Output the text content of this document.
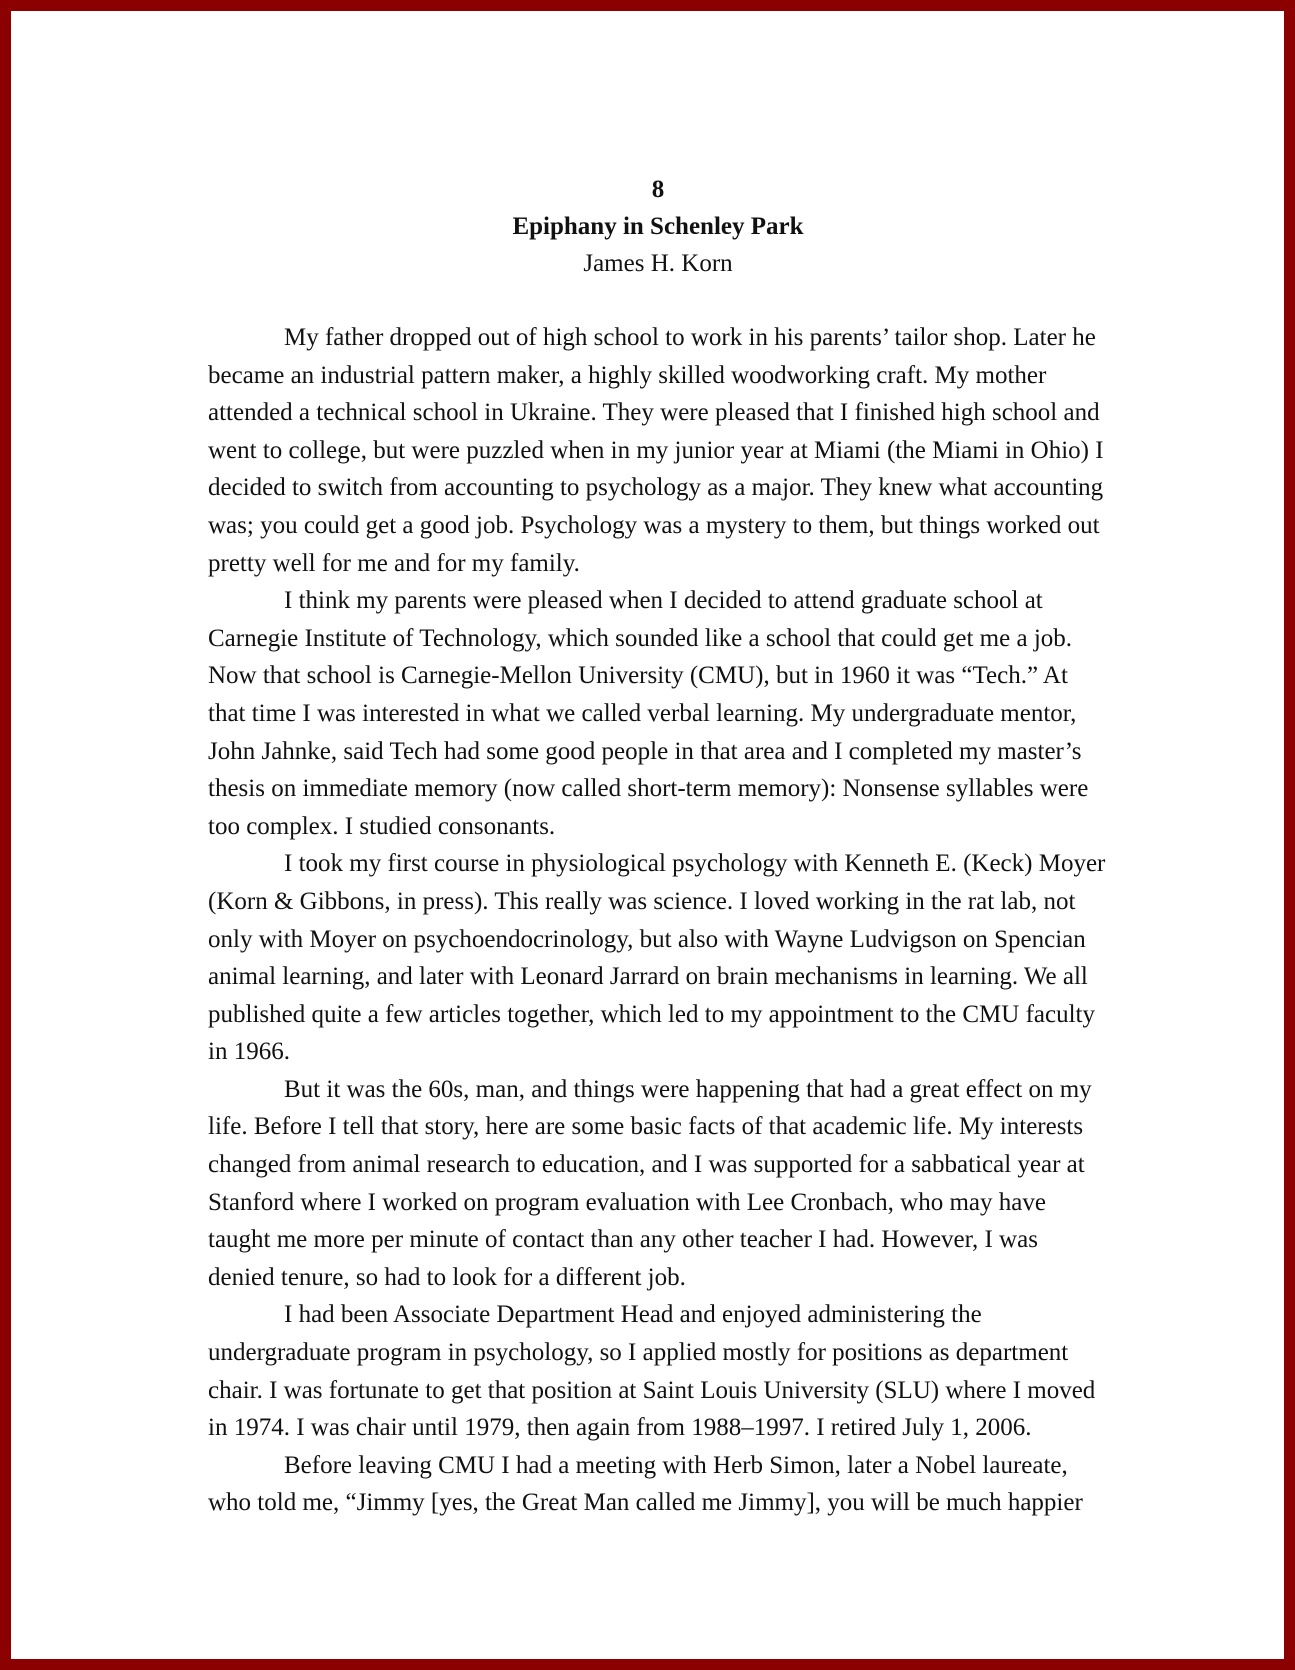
8

Epiphany in Schenley Park

James H. Korn

My father dropped out of high school to work in his parents’ tailor shop. Later he became an industrial pattern maker, a highly skilled woodworking craft. My mother attended a technical school in Ukraine. They were pleased that I finished high school and went to college, but were puzzled when in my junior year at Miami (the Miami in Ohio) I decided to switch from accounting to psychology as a major. They knew what accounting was; you could get a good job. Psychology was a mystery to them, but things worked out pretty well for me and for my family.

I think my parents were pleased when I decided to attend graduate school at Carnegie Institute of Technology, which sounded like a school that could get me a job. Now that school is Carnegie-Mellon University (CMU), but in 1960 it was “Tech.” At that time I was interested in what we called verbal learning. My undergraduate mentor, John Jahnke, said Tech had some good people in that area and I completed my master’s thesis on immediate memory (now called short-term memory): Nonsense syllables were too complex. I studied consonants.

I took my first course in physiological psychology with Kenneth E. (Keck) Moyer (Korn & Gibbons, in press). This really was science. I loved working in the rat lab, not only with Moyer on psychoendocrinology, but also with Wayne Ludvigson on Spencian animal learning, and later with Leonard Jarrard on brain mechanisms in learning. We all published quite a few articles together, which led to my appointment to the CMU faculty in 1966.

But it was the 60s, man, and things were happening that had a great effect on my life. Before I tell that story, here are some basic facts of that academic life. My interests changed from animal research to education, and I was supported for a sabbatical year at Stanford where I worked on program evaluation with Lee Cronbach, who may have taught me more per minute of contact than any other teacher I had. However, I was denied tenure, so had to look for a different job.

I had been Associate Department Head and enjoyed administering the undergraduate program in psychology, so I applied mostly for positions as department chair. I was fortunate to get that position at Saint Louis University (SLU) where I moved in 1974. I was chair until 1979, then again from 1988–1997. I retired July 1, 2006.

Before leaving CMU I had a meeting with Herb Simon, later a Nobel laureate, who told me, “Jimmy [yes, the Great Man called me Jimmy], you will be much happier
